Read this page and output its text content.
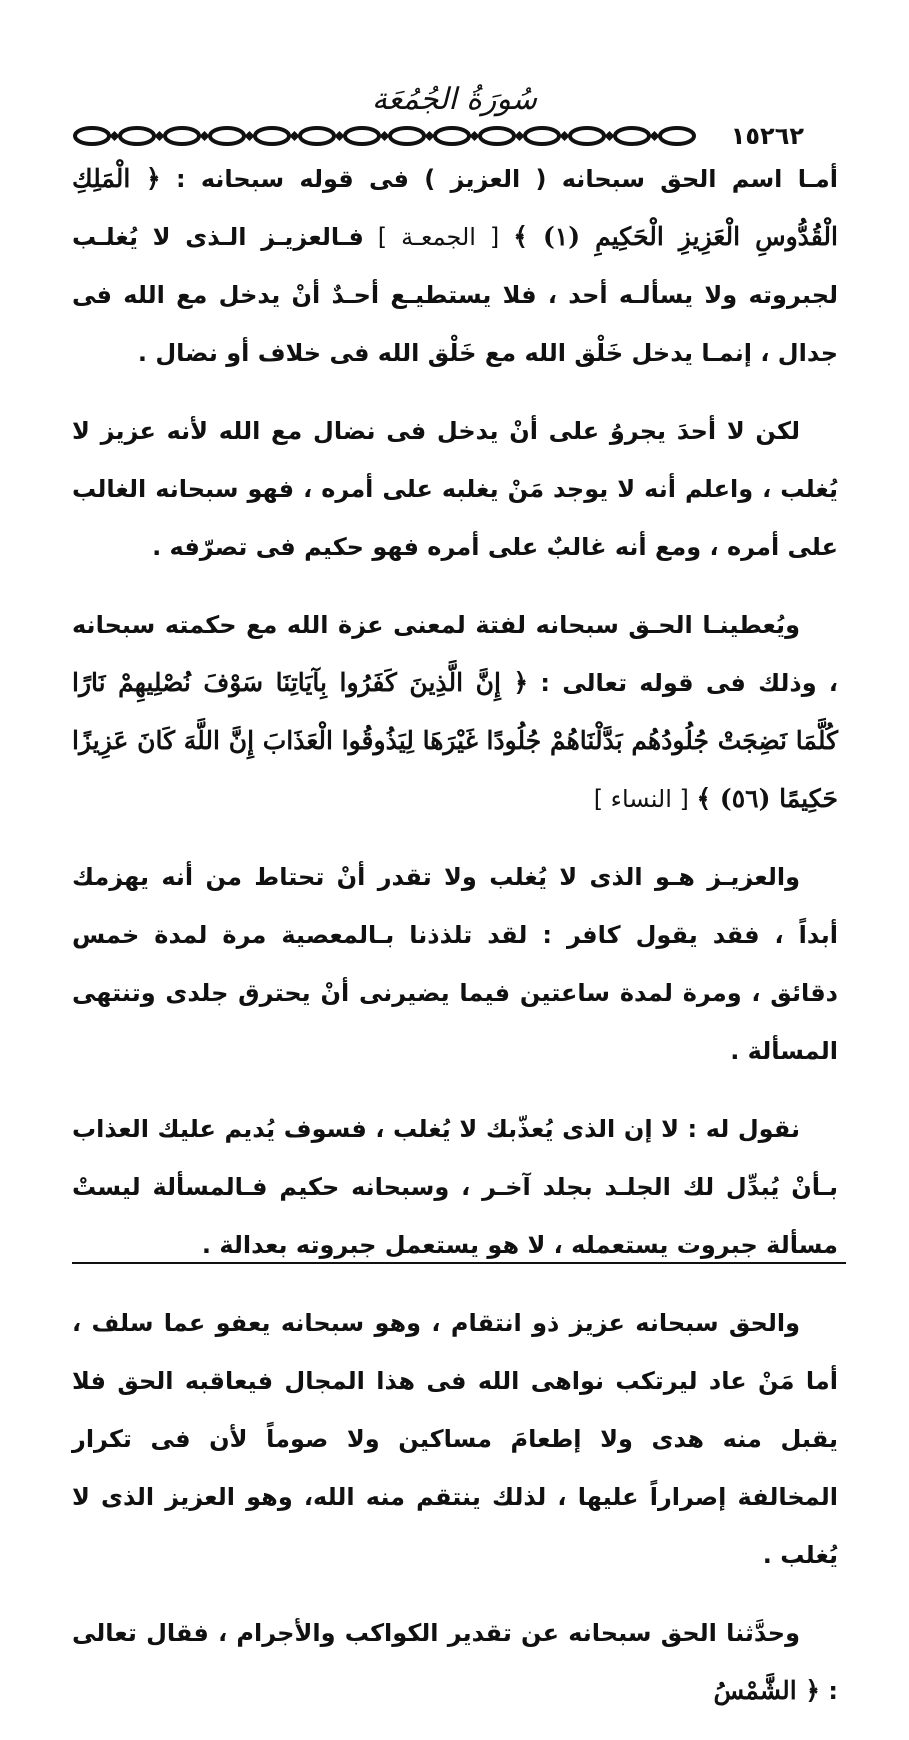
سُورَةُ الجُمُعَة
١٥٢٦٢

أمـا اسم الحق سبحانه ( العزيز ) فى قوله سبحانه : ﴿ الْمَلِكِ الْقُدُّوسِ الْعَزِيزِ الْحَكِيمِ (١) ﴾ [ الجمعـة ] فـالعزيـز الـذى لا يُغلـب لجبروته ولا يسألـه أحد ، فلا يستطيـع أحـدٌ أنْ يدخل مع الله فى جدال ، إنمـا يدخل خَلْق الله مع خَلْق الله فى خلاف أو نضال .

لكن لا أحدَ يجروُ على أنْ يدخل فى نضال مع الله لأنه عزيز لا يُغلب ، واعلم أنه لا يوجد مَنْ يغلبه على أمره ، فهو سبحانه الغالب على أمره ، ومع أنه غالبٌ على أمره فهو حكيم فى تصرّفه .

ويُعطينـا الحـق سبحانه لفتة لمعنى عزة الله مع حكمته سبحانه ، وذلك فى قوله تعالى : ﴿ إِنَّ الَّذِينَ كَفَرُوا بِآيَاتِنَا سَوْفَ نُصْلِيهِمْ نَارًا كُلَّمَا نَضِجَتْ جُلُودُهُم بَدَّلْنَاهُمْ جُلُودًا غَيْرَهَا لِيَذُوقُوا الْعَذَابَ إِنَّ اللَّهَ كَانَ عَزِيزًا حَكِيمًا (٥٦) ﴾ [ النساء ]

والعزيـز هـو الذى لا يُغلب ولا تقدر أنْ تحتاط من أنه يهزمك أبداً ، فقد يقول كافر : لقد تلذذنا بـالمعصية مرة لمدة خمس دقائق ، ومرة لمدة ساعتين فيما يضيرنى أنْ يحترق جلدى وتنتهى المسألة .

نقول له : لا إن الذى يُعذّبك لا يُغلب ، فسوف يُديم عليك العذاب بـأنْ يُبدِّل لك الجلـد بجلد آخـر ، وسبحانه حكيم فـالمسألة ليستْ مسألة جبروت يستعمله ، لا هو يستعمل جبروته بعدالة .

والحق سبحانه عزيز ذو انتقام ، وهو سبحانه يعفو عما سلف ، أما مَنْ عاد ليرتكب نواهى الله فى هذا المجال فيعاقبه الحق فلا يقبل منه هدى ولا إطعامَ مساكين ولا صوماً لأن فى تكرار المخالفة إصراراً عليها ، لذلك ينتقم منه الله، وهو العزيز الذى لا يُغلب .

وحدَّثنا الحق سبحانه عن تقدير الكواكب والأجرام ، فقال تعالى : ﴿ الشَّمْسُ
